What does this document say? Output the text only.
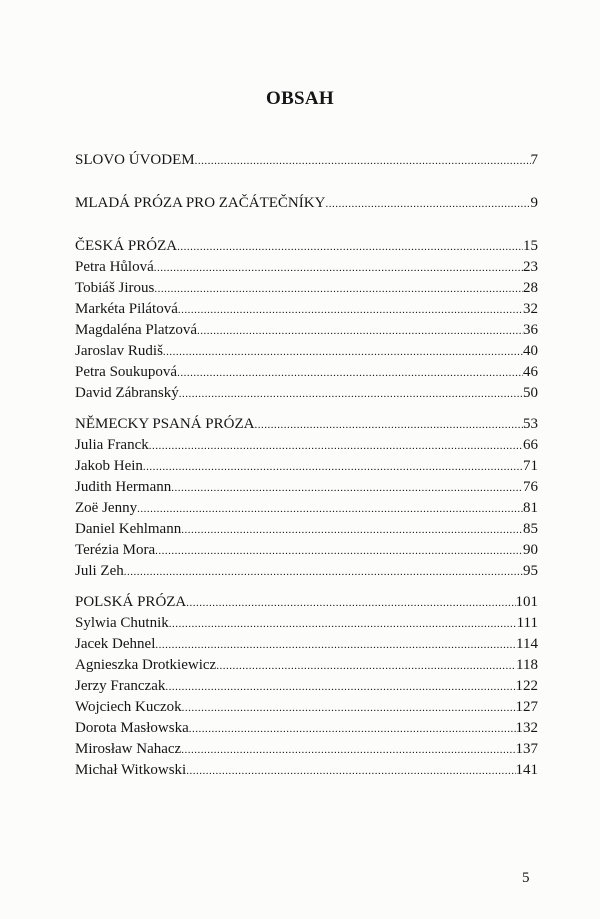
OBSAH
SLOVO ÚVODEM .....	7
MLADÁ PRÓZA PRO ZAČÁTEČNÍKY .....	9
ČESKÁ PRÓZA .....	15
Petra Hůlová .....	23
Tobiáš Jirous .....	28
Markéta Pilátová .....	32
Magdaléna Platzová .....	36
Jaroslav Rudiš .....	40
Petra Soukupová .....	46
David Zábranský .....	50
NĚMECKY PSANÁ PRÓZA .....	53
Julia Franck .....	66
Jakob Hein .....	71
Judith Hermann .....	76
Zoë Jenny .....	81
Daniel Kehlmann .....	85
Terézia Mora .....	90
Juli Zeh .....	95
POLSKÁ PRÓZA .....	101
Sylwia Chutnik .....	111
Jacek Dehnel .....	114
Agnieszka Drotkiewicz .....	118
Jerzy Franczak .....	122
Wojciech Kuczok .....	127
Dorota Masłowska .....	132
Mirosław Nahacz .....	137
Michał Witkowski .....	141
5
